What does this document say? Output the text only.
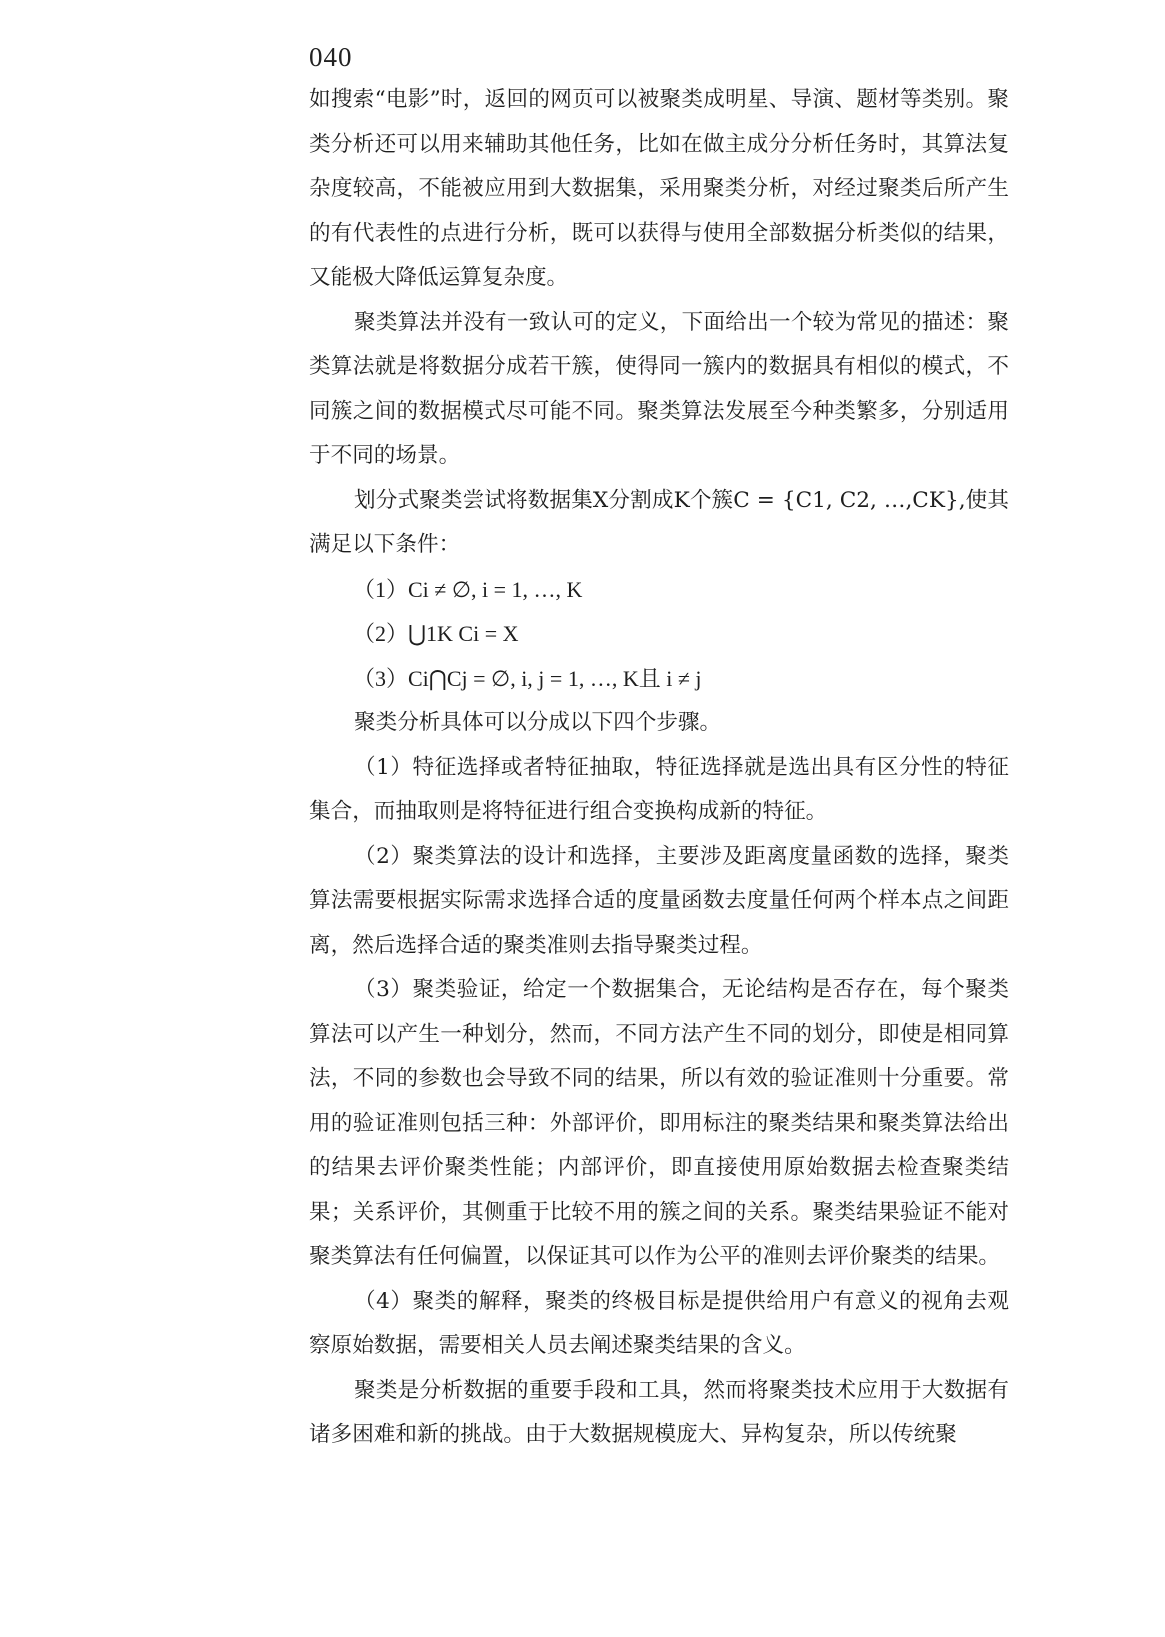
040

如搜索“电影”时，返回的网页可以被聚类成明星、导演、题材等类别。聚类分析还可以用来辅助其他任务，比如在做主成分分析任务时，其算法复杂度较高，不能被应用到大数据集，采用聚类分析，对经过聚类后所产生的有代表性的点进行分析，既可以获得与使用全部数据分析类似的结果，又能极大降低运算复杂度。

聚类算法并没有一致认可的定义，下面给出一个较为常见的描述：聚类算法就是将数据分成若干簇，使得同一簇内的数据具有相似的模式，不同簇之间的数据模式尽可能不同。聚类算法发展至今种类繁多，分别适用于不同的场景。

划分式聚类尝试将数据集X分割成K个簇C = {C1, C2, …,CK},使其满足以下条件：

（1）Ci ≠ ∅, i = 1, …, K

（2）⋃1K Ci = X

（3）Ci⋂Cj = ∅, i, j = 1, …, K且 i ≠ j

聚类分析具体可以分成以下四个步骤。

（1）特征选择或者特征抽取，特征选择就是选出具有区分性的特征集合，而抽取则是将特征进行组合变换构成新的特征。

（2）聚类算法的设计和选择，主要涉及距离度量函数的选择，聚类算法需要根据实际需求选择合适的度量函数去度量任何两个样本点之间距离，然后选择合适的聚类准则去指导聚类过程。

（3）聚类验证，给定一个数据集合，无论结构是否存在，每个聚类算法可以产生一种划分，然而，不同方法产生不同的划分，即使是相同算法，不同的参数也会导致不同的结果，所以有效的验证准则十分重要。常用的验证准则包括三种：外部评价，即用标注的聚类结果和聚类算法给出的结果去评价聚类性能；内部评价，即直接使用原始数据去检查聚类结果；关系评价，其侧重于比较不用的簇之间的关系。聚类结果验证不能对聚类算法有任何偏置，以保证其可以作为公平的准则去评价聚类的结果。

（4）聚类的解释，聚类的终极目标是提供给用户有意义的视角去观察原始数据，需要相关人员去阐述聚类结果的含义。

聚类是分析数据的重要手段和工具，然而将聚类技术应用于大数据有诸多困难和新的挑战。由于大数据规模庞大、异构复杂，所以传统聚
